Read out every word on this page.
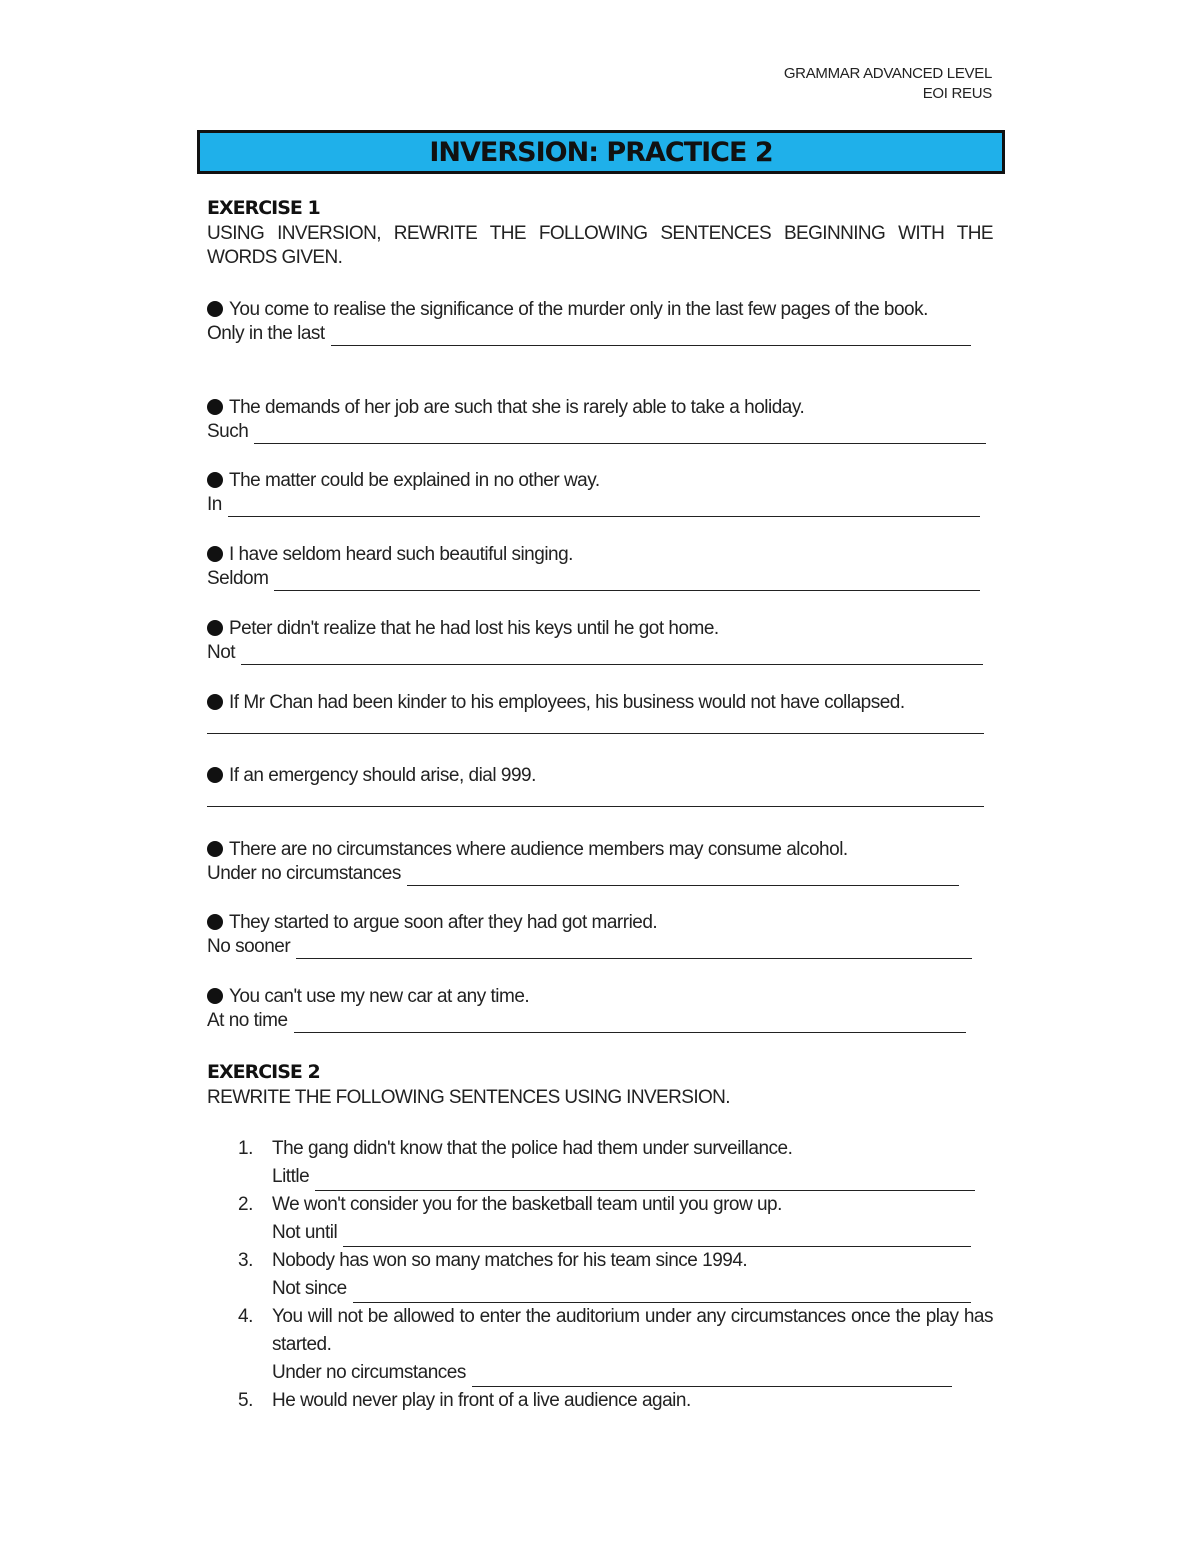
GRAMMAR ADVANCED LEVEL
EOI REUS
INVERSION: PRACTICE 2
EXERCISE 1
USING INVERSION, REWRITE THE FOLLOWING SENTENCES BEGINNING WITH THE WORDS GIVEN.
You come to realise the significance of the murder only in the last few pages of the book.
Only in the last
The demands of her job are such that she is rarely able to take a holiday.
Such
The matter could be explained in no other way.
In
I have seldom heard such beautiful singing.
Seldom
Peter didn't realize that he had lost his keys until he got home.
Not
If Mr Chan had been kinder to his employees, his business would not have collapsed.
If an emergency should arise, dial 999.
There are no circumstances where audience members may consume alcohol.
Under no circumstances
They started to argue soon after they had got married.
No sooner
You can't use my new car at any time.
At no time
EXERCISE 2
REWRITE THE FOLLOWING SENTENCES USING INVERSION.
1.	The gang didn't know that the police had them under surveillance.
Little
2.	We won't consider you for the basketball team until you grow up.
Not until
3.	Nobody has won so many matches for his team since 1994.
Not since
4.	You will not be allowed to enter the auditorium under any circumstances once the play has started.
Under no circumstances
5.	He would never play in front of a live audience again.
